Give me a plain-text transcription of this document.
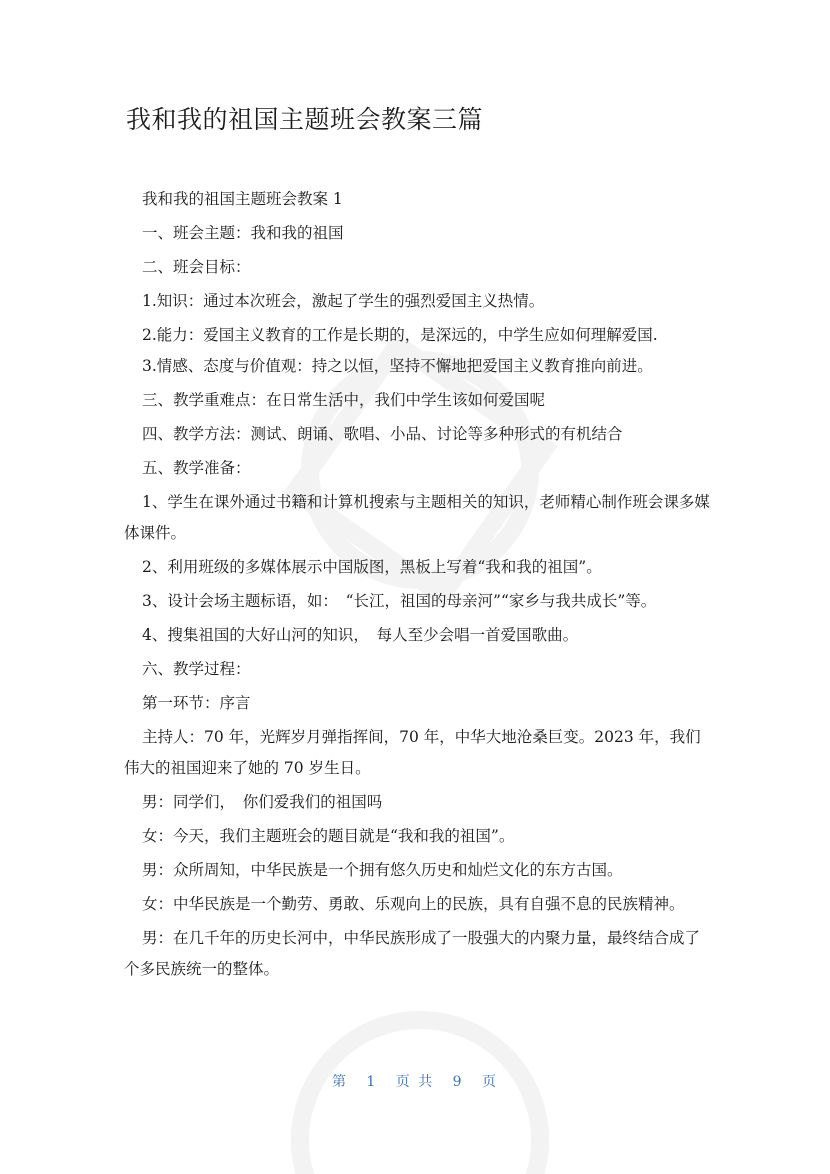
我和我的祖国主题班会教案三篇

我和我的祖国主题班会教案 1

一、班会主题：我和我的祖国

二、班会目标：

1.知识：通过本次班会，激起了学生的强烈爱国主义热情。

2.能力：爱国主义教育的工作是长期的，是深远的，中学生应如何理解爱国.

3.情感、态度与价值观：持之以恒，坚持不懈地把爱国主义教育推向前进。

三、教学重难点：在日常生活中，我们中学生该如何爱国呢

四、教学方法：测试、朗诵、歌唱、小品、讨论等多种形式的有机结合

五、教学准备：

1、学生在课外通过书籍和计算机搜索与主题相关的知识，老师精心制作班会课多媒体课件。

2、利用班级的多媒体展示中国版图，黑板上写着“我和我的祖国”。

3、设计会场主题标语，如：　“长江，祖国的母亲河”“家乡与我共成长”等。

4、搜集祖国的大好山河的知识，　每人至少会唱一首爱国歌曲。

六、教学过程：

第一环节：序言

主持人：70 年，光辉岁月弹指挥间，70 年，中华大地沧桑巨变。2023 年，我们伟大的祖国迎来了她的 70 岁生日。

男：同学们，　你们爱我们的祖国吗

女：今天，我们主题班会的题目就是“我和我的祖国”。

男：众所周知，中华民族是一个拥有悠久历史和灿烂文化的东方古国。

女：中华民族是一个勤劳、勇敢、乐观向上的民族，具有自强不息的民族精神。

男：在几千年的历史长河中，中华民族形成了一股强大的内聚力量，最终结合成了个多民族统一的整体。

第 1 页 共 9 页
